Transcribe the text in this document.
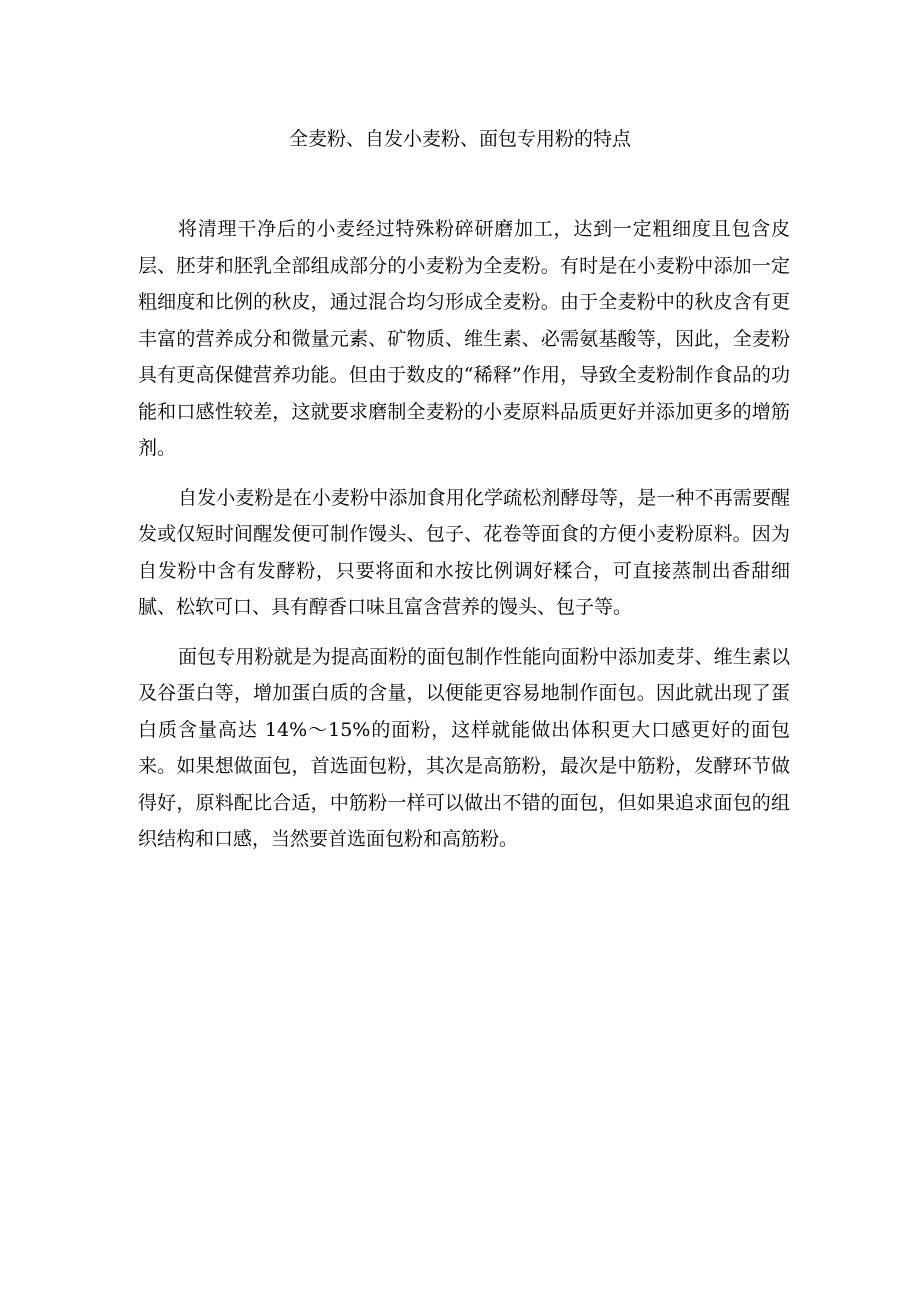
全麦粉、自发小麦粉、面包专用粉的特点

将清理干净后的小麦经过特殊粉碎研磨加工，达到一定粗细度且包含皮层、胚芽和胚乳全部组成部分的小麦粉为全麦粉。有时是在小麦粉中添加一定粗细度和比例的秋皮，通过混合均匀形成全麦粉。由于全麦粉中的秋皮含有更丰富的营养成分和微量元素、矿物质、维生素、必需氨基酸等，因此，全麦粉具有更高保健营养功能。但由于数皮的“稀释”作用，导致全麦粉制作食品的功能和口感性较差，这就要求磨制全麦粉的小麦原料品质更好并添加更多的增筋剂。

自发小麦粉是在小麦粉中添加食用化学疏松剂酵母等，是一种不再需要醒发或仅短时间醒发便可制作馒头、包子、花卷等面食的方便小麦粉原料。因为自发粉中含有发酵粉，只要将面和水按比例调好糅合，可直接蒸制出香甜细腻、松软可口、具有醇香口味且富含营养的馒头、包子等。

面包专用粉就是为提高面粉的面包制作性能向面粉中添加麦芽、维生素以及谷蛋白等，增加蛋白质的含量，以便能更容易地制作面包。因此就出现了蛋白质含量高达 14%～15%的面粉，这样就能做出体积更大口感更好的面包来。如果想做面包，首选面包粉，其次是高筋粉，最次是中筋粉，发酵环节做得好，原料配比合适，中筋粉一样可以做出不错的面包，但如果追求面包的组织结构和口感，当然要首选面包粉和高筋粉。
